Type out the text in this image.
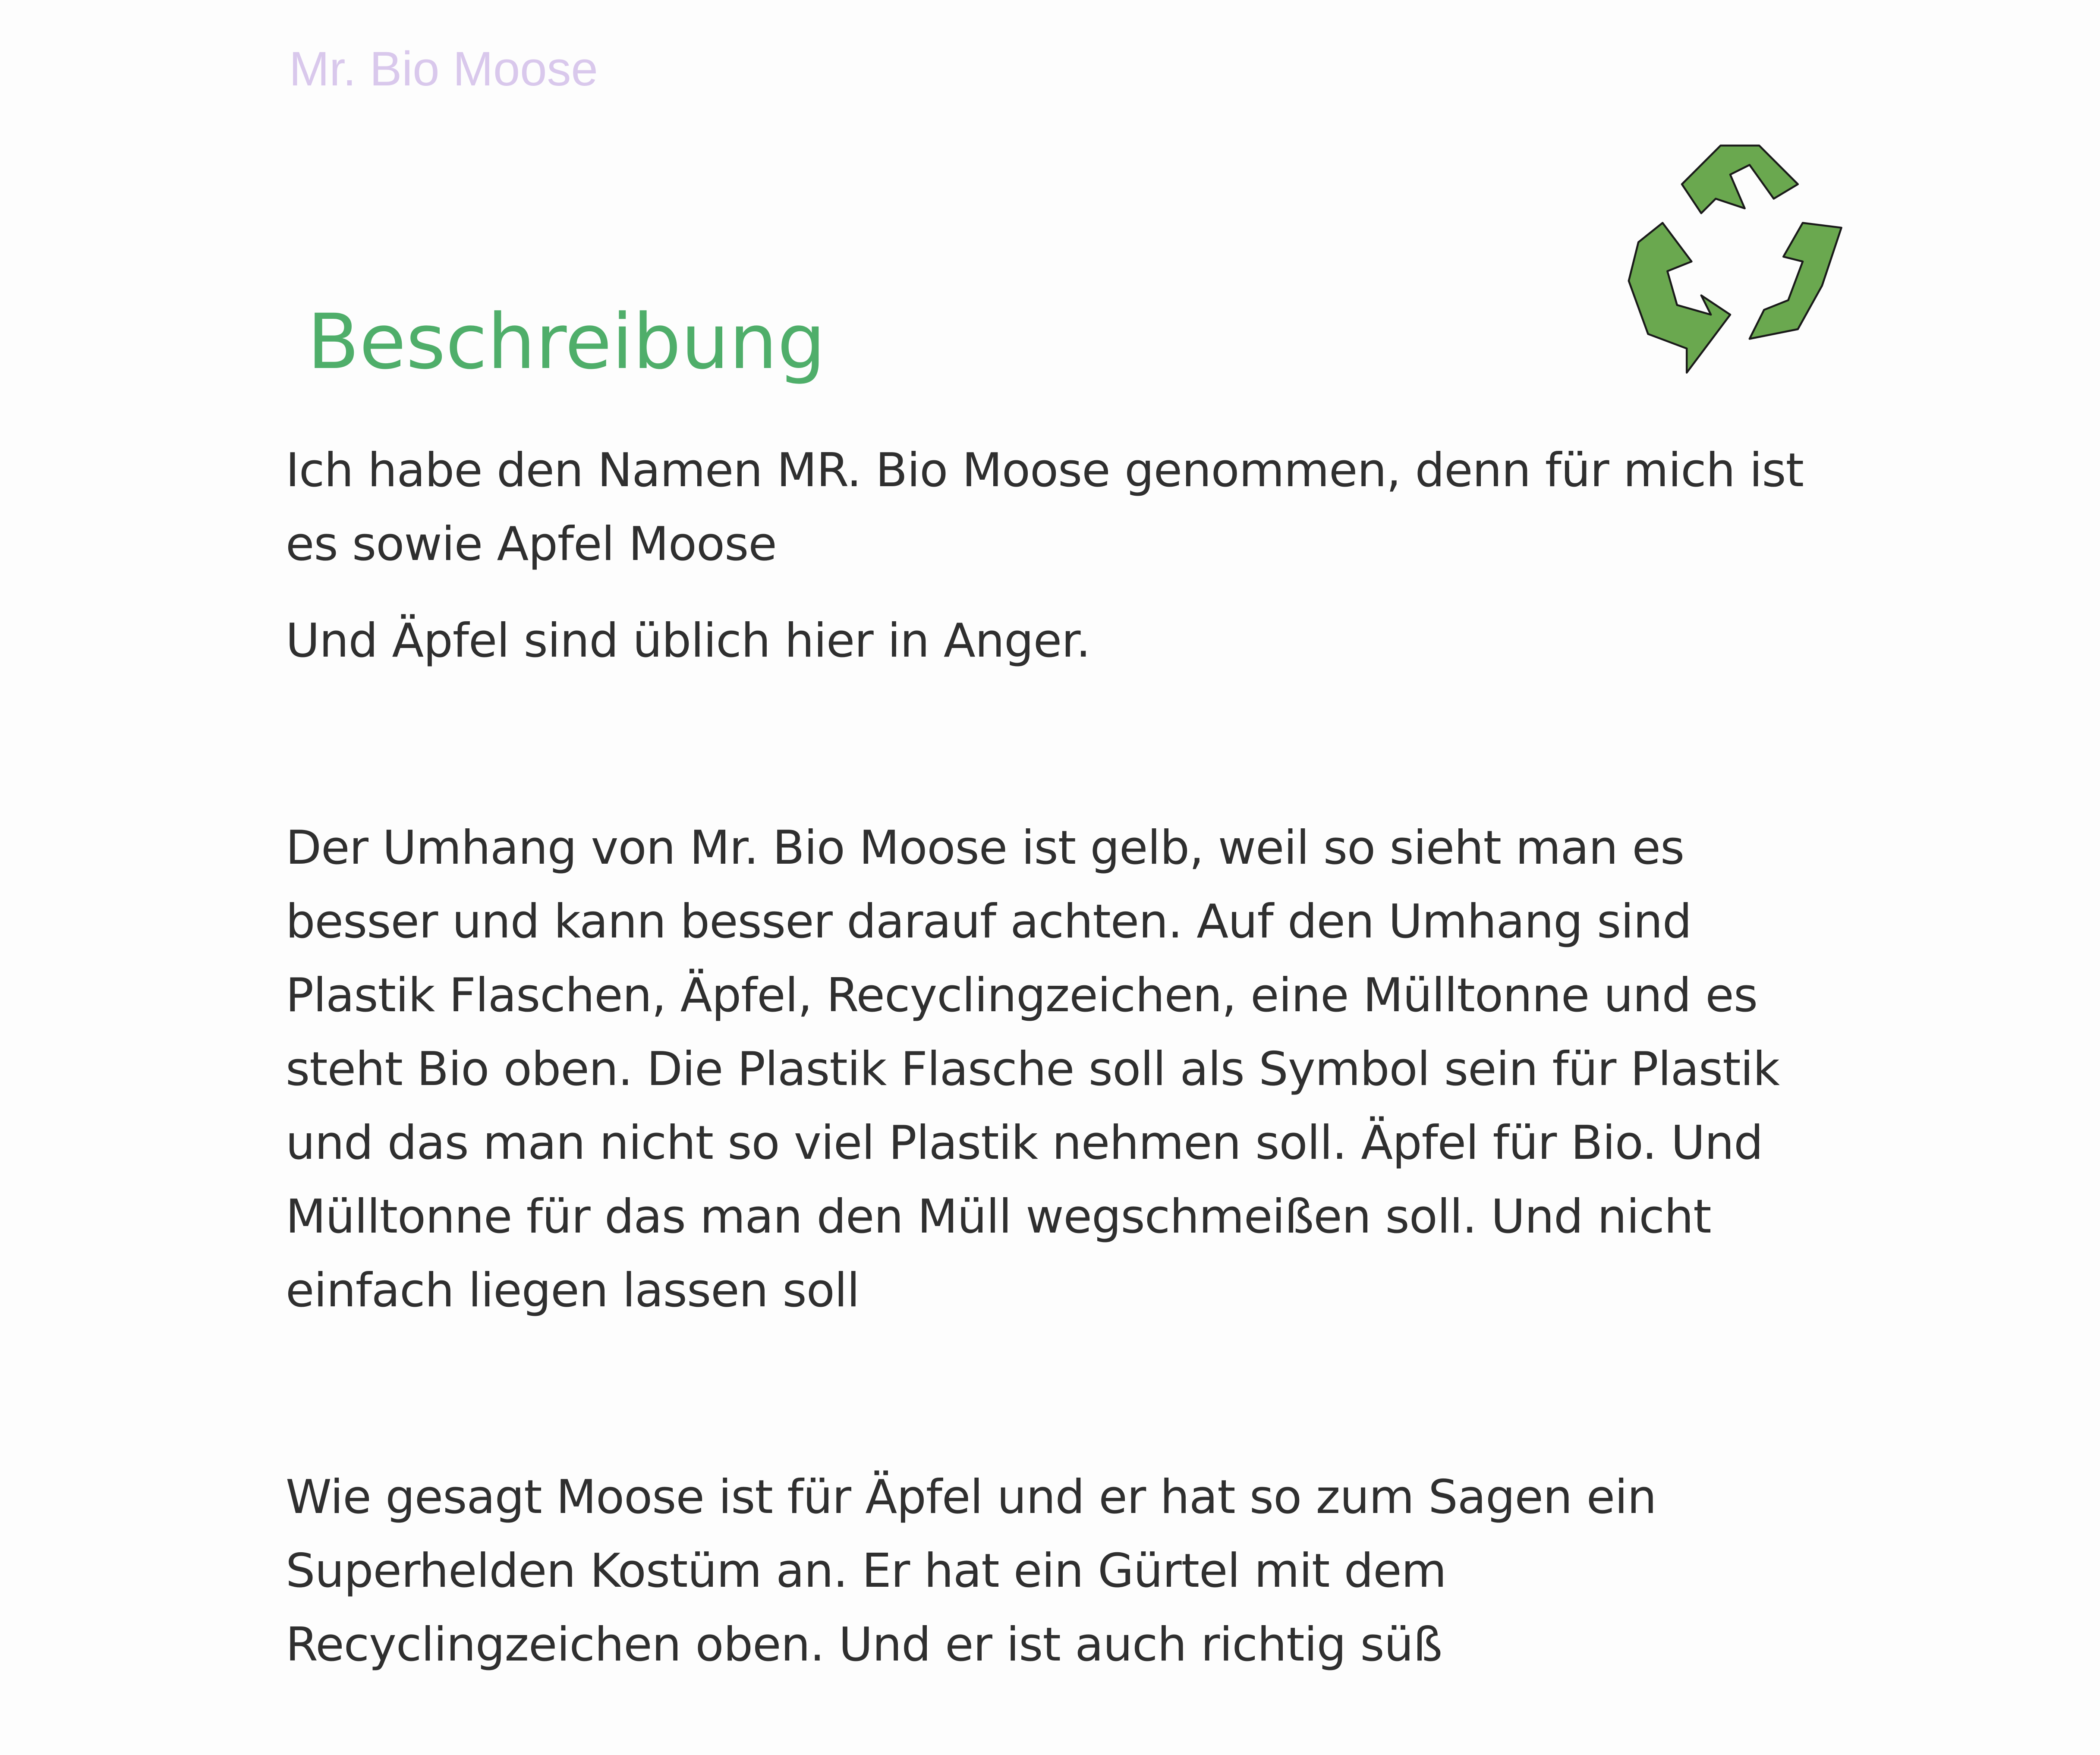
Mr. Bio Moose
Beschreibung

Ich habe den Namen MR. Bio Moose genommen, denn für mich ist
es sowie Apfel Moose

Und Äpfel sind üblich hier in Anger.

Der Umhang von Mr. Bio Moose ist gelb, weil so sieht man es
besser und kann besser darauf achten. Auf den Umhang sind
Plastik Flaschen, Äpfel, Recyclingzeichen, eine Mülltonne und es
steht Bio oben. Die Plastik Flasche soll als Symbol sein für Plastik
und das man nicht so viel Plastik nehmen soll. Äpfel für Bio. Und
Mülltonne für das man den Müll wegschmeißen soll. Und nicht
einfach liegen lassen soll

Wie gesagt Moose ist für Äpfel und er hat so zum Sagen ein
Superhelden Kostüm an. Er hat ein Gürtel mit dem
Recyclingzeichen oben. Und er ist auch richtig süß
